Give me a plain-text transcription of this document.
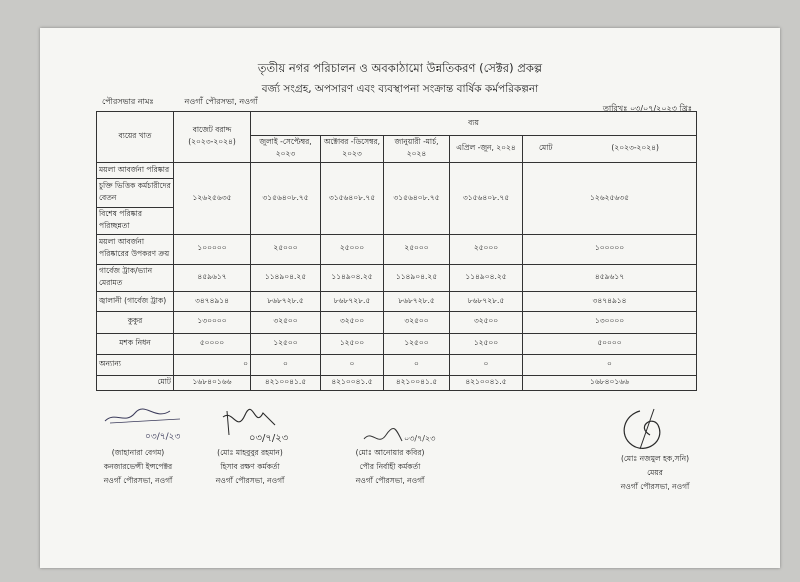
তৃতীয় নগর পরিচালন ও অবকাঠামো উন্নতিকরণ (সেক্টর) প্রকল্প
বর্জ্য সংগ্রহ, অপসারণ এবং ব্যবস্থাপনা সংক্রান্ত বার্ষিক কর্মপরিকল্পনা
পৌরসভার নামঃ	নওগাঁ পৌরসভা, নওগাঁ
তারিখঃ ০৩/০৭/২০২৩ খ্রিঃ
ব্যয়ের খাত	বাজেট বরাদ্দ (২০২৩-২০২৪)	ব্যয়				
		জুলাই -সেপ্টেম্বর, ২০২৩	অক্টোবর -ডিসেম্বর, ২০২৩	জানুয়ারী -মার্চ, ২০২৪	এপ্রিল -জুন, ২০২৪	মোট (২০২৩-২০২৪)
ময়লা আবর্জনা পরিষ্কার	১২৬২৫৬৩৫	৩১৫৬৪০৮.৭৫	৩১৫৬৪০৮.৭৫	৩১৫৬৪০৮.৭৫	৩১৫৬৪০৮.৭৫	১২৬২৫৬৩৫
চুক্তি ভিত্তিক কর্মচারীদের বেতন						
বিশেষ পরিষ্কার পরিচ্ছন্নতা						
ময়লা আবর্জনা পরিষ্কারের উপকরণ ক্রয়	১০০০০০	২৫০০০	২৫০০০	২৫০০০	২৫০০০	১০০০০০
গার্বেজ ট্রাক/ভ্যান মেরামত	৪৫৯৬১৭	১১৪৯০৪.২৫	১১৪৯০৪.২৫	১১৪৯০৪.২৫	১১৪৯০৪.২৫	৪৫৯৬১৭
জ্বালানী (গার্বেজ ট্রাক)	৩৪৭৪৯১৪	৮৬৮৭২৮.৫	৮৬৮৭২৮.৫	৮৬৮৭২৮.৫	৮৬৮৭২৮.৫	৩৪৭৪৯১৪
কুকুর	১৩০০০০	৩২৫০০	৩২৫০০	৩২৫০০	৩২৫০০	১৩০০০০
মশক নিধন	৫০০০০	১২৫০০	১২৫০০	১২৫০০	১২৫০০	৫০০০০
অন্যান্য	০	০	০	০	০	০
মোট	১৬৮৪০১৬৬	৪২১০০৪১.৫	৪২১০০৪১.৫	৪২১০০৪১.৫	৪২১০০৪১.৫	১৬৮৪০১৬৬
০৩/৭/২৩	০৩/৭/২৩	০৩/৭/২৩
(জাহানারা বেগম)
কনজারভেন্সী ইন্সপেক্টর
নওগাঁ পৌরসভা, নওগাঁ
(মোঃ মাহবুবুর রহমান)
হিসাব রক্ষণ কর্মকর্তা
নওগাঁ পৌরসভা, নওগাঁ
(মোঃ আনোয়ার কবির)
পৌর নির্বাহী কর্মকর্তা
নওগাঁ পৌরসভা, নওগাঁ
(মোঃ নজমুল হক,সনি)
মেয়র
নওগাঁ পৌরসভা, নওগাঁ
